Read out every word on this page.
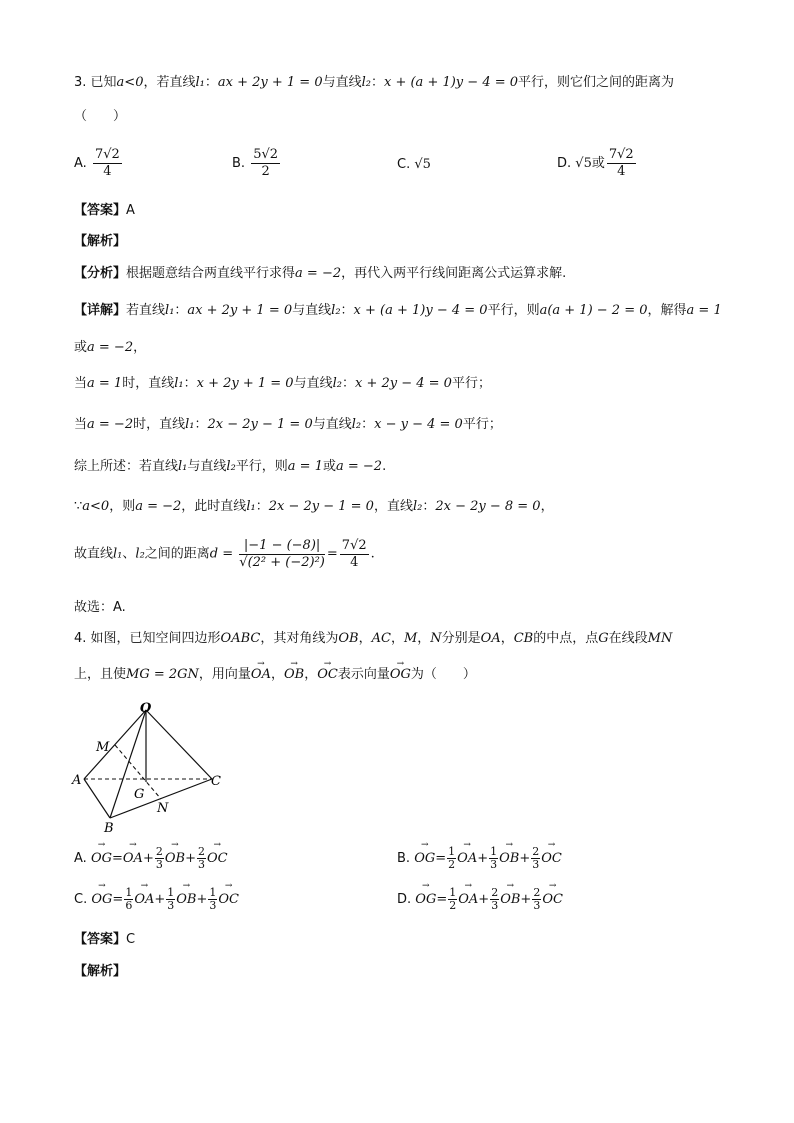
3. 已知a<0，若直线l₁：ax + 2y + 1 = 0与直线l₂：x + (a + 1)y − 4 = 0平行，则它们之间的距离为
（　　）
A. $\frac{7√2}{4}$	B. $\frac{5√2}{2}$	C. √5	D. √5或 $\frac{7√2}{4}$
【答案】A
【解析】
【分析】根据题意结合两直线平行求得a = −2，再代入两平行线间距离公式运算求解.
【详解】若直线l₁：ax + 2y + 1 = 0与直线l₂：x + (a + 1)y − 4 = 0平行，则a(a + 1) − 2 = 0，解得a = 1
或a = −2，
当a = 1时，直线l₁：x + 2y + 1 = 0与直线l₂：x + 2y − 4 = 0平行；
当a = −2时，直线l₁：2x − 2y − 1 = 0与直线l₂：x − y − 4 = 0平行；
综上所述：若直线l₁与直线l₂平行，则a = 1或a = −2.
∵a<0，则a = −2，此时直线l₁：2x − 2y − 1 = 0，直线l₂：2x − 2y − 8 = 0，
故直线l₁、l₂之间的距离$d = \frac{|-1 - (-8)|}{\text{√(2² + (−2)²)}} = \frac{7√2}{4}$ .
故选：A.
4. 如图，已知空间四边形OABC，其对角线为OB，AC，M，N分别是OA，CB的中点，点G在线段MN
上，且使MG = 2GN，用向量→ OA，→ OB，→ OC表示向量→ OG为（　　）
O
M
A
G
N
C
B
A. → $OG=\to OA+ \frac{2}{3}$
→ $OB+ \frac{2}{3}$
→ OC	B. → $OG= \frac{1}{2}$
→ $OA+ \frac{1}{3}$
→ $OB+ \frac{2}{3}$
→ OC
C. → $OG= \frac{1}{6}$
→ $OA+ \frac{1}{3}$
→ $OB+ \frac{1}{3}$
→ OC	D. → $OG= \frac{1}{2}$
→ $OA+ \frac{2}{3}$
→ $OB+ \frac{2}{3}$
→ OC
【答案】C
【解析】
